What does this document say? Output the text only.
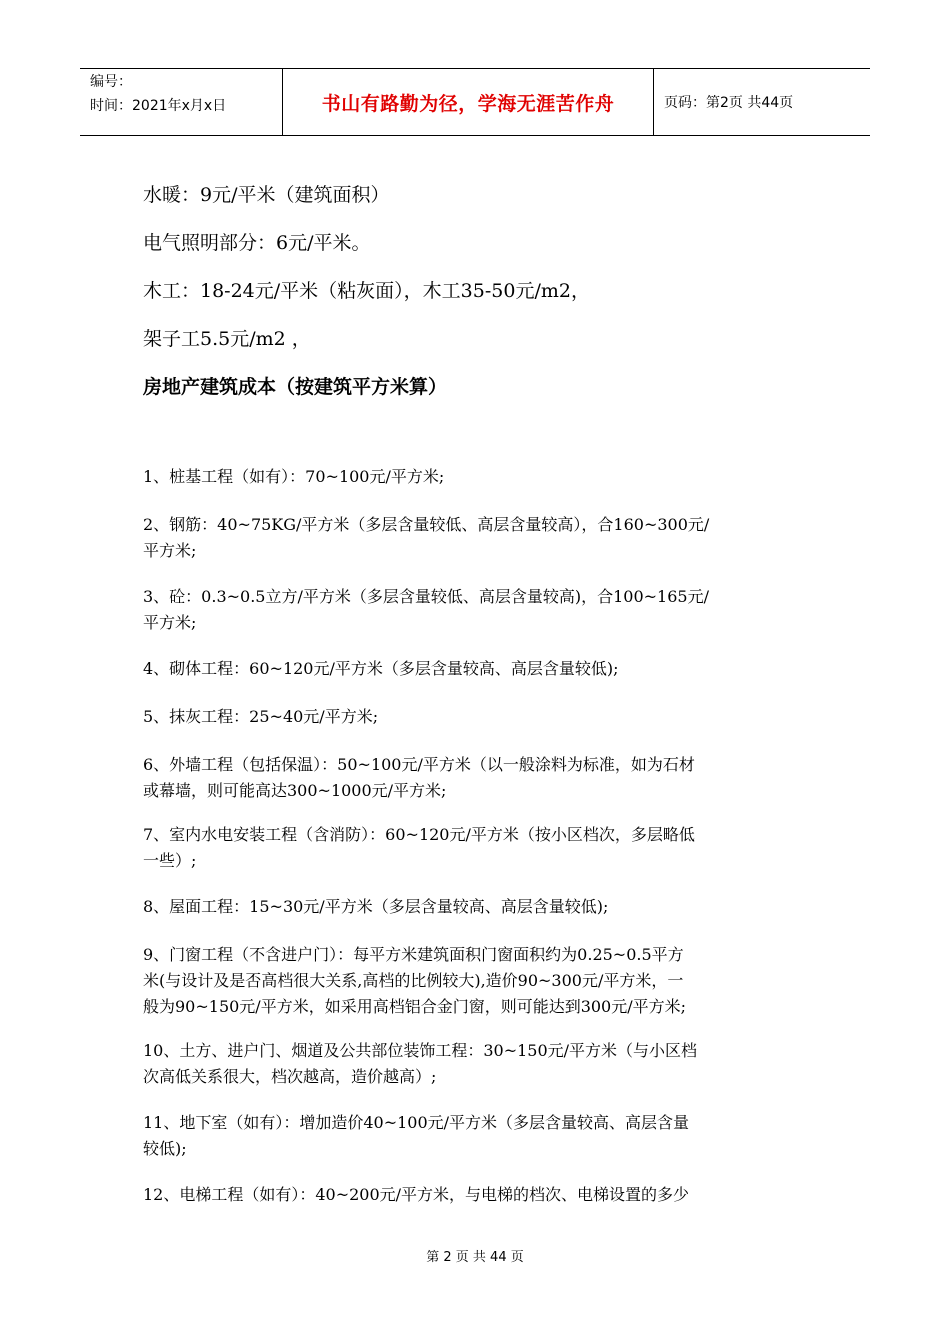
编号：
时间：2021年x月x日	书山有路勤为径，学海无涯苦作舟	页码：第2页 共44页
水暖：9元/平米（建筑面积）
电气照明部分：6元/平米。
木工：18-24元/平米（粘灰面），木工35-50元/m2，
架子工5.5元/m2 ，
房地产建筑成本（按建筑平方米算）
1、桩基工程（如有）：70~100元/平方米;
2、钢筋：40~75KG/平方米（多层含量较低、高层含量较高），合160~300元/
平方米;
3、砼：0.3~0.5立方/平方米（多层含量较低、高层含量较高)，合100~165元/
平方米;
4、砌体工程：60~120元/平方米（多层含量较高、高层含量较低);
5、抹灰工程：25~40元/平方米;
6、外墙工程（包括保温）：50~100元/平方米（以一般涂料为标准，如为石材
或幕墙，则可能高达300~1000元/平方米;
7、室内水电安装工程（含消防）：60~120元/平方米（按小区档次，多层略低
一些）;
8、屋面工程：15~30元/平方米（多层含量较高、高层含量较低);
9、门窗工程（不含进户门）：每平方米建筑面积门窗面积约为0.25~0.5平方
米(与设计及是否高档很大关系,高档的比例较大),造价90~300元/平方米，一
般为90~150元/平方米，如采用高档铝合金门窗，则可能达到300元/平方米;
10、土方、进户门、烟道及公共部位装饰工程：30~150元/平方米（与小区档
次高低关系很大，档次越高，造价越高）;
11、地下室（如有）：增加造价40~100元/平方米（多层含量较高、高层含量
较低);
12、电梯工程（如有）：40~200元/平方米，与电梯的档次、电梯设置的多少
第 2 页 共 44 页
